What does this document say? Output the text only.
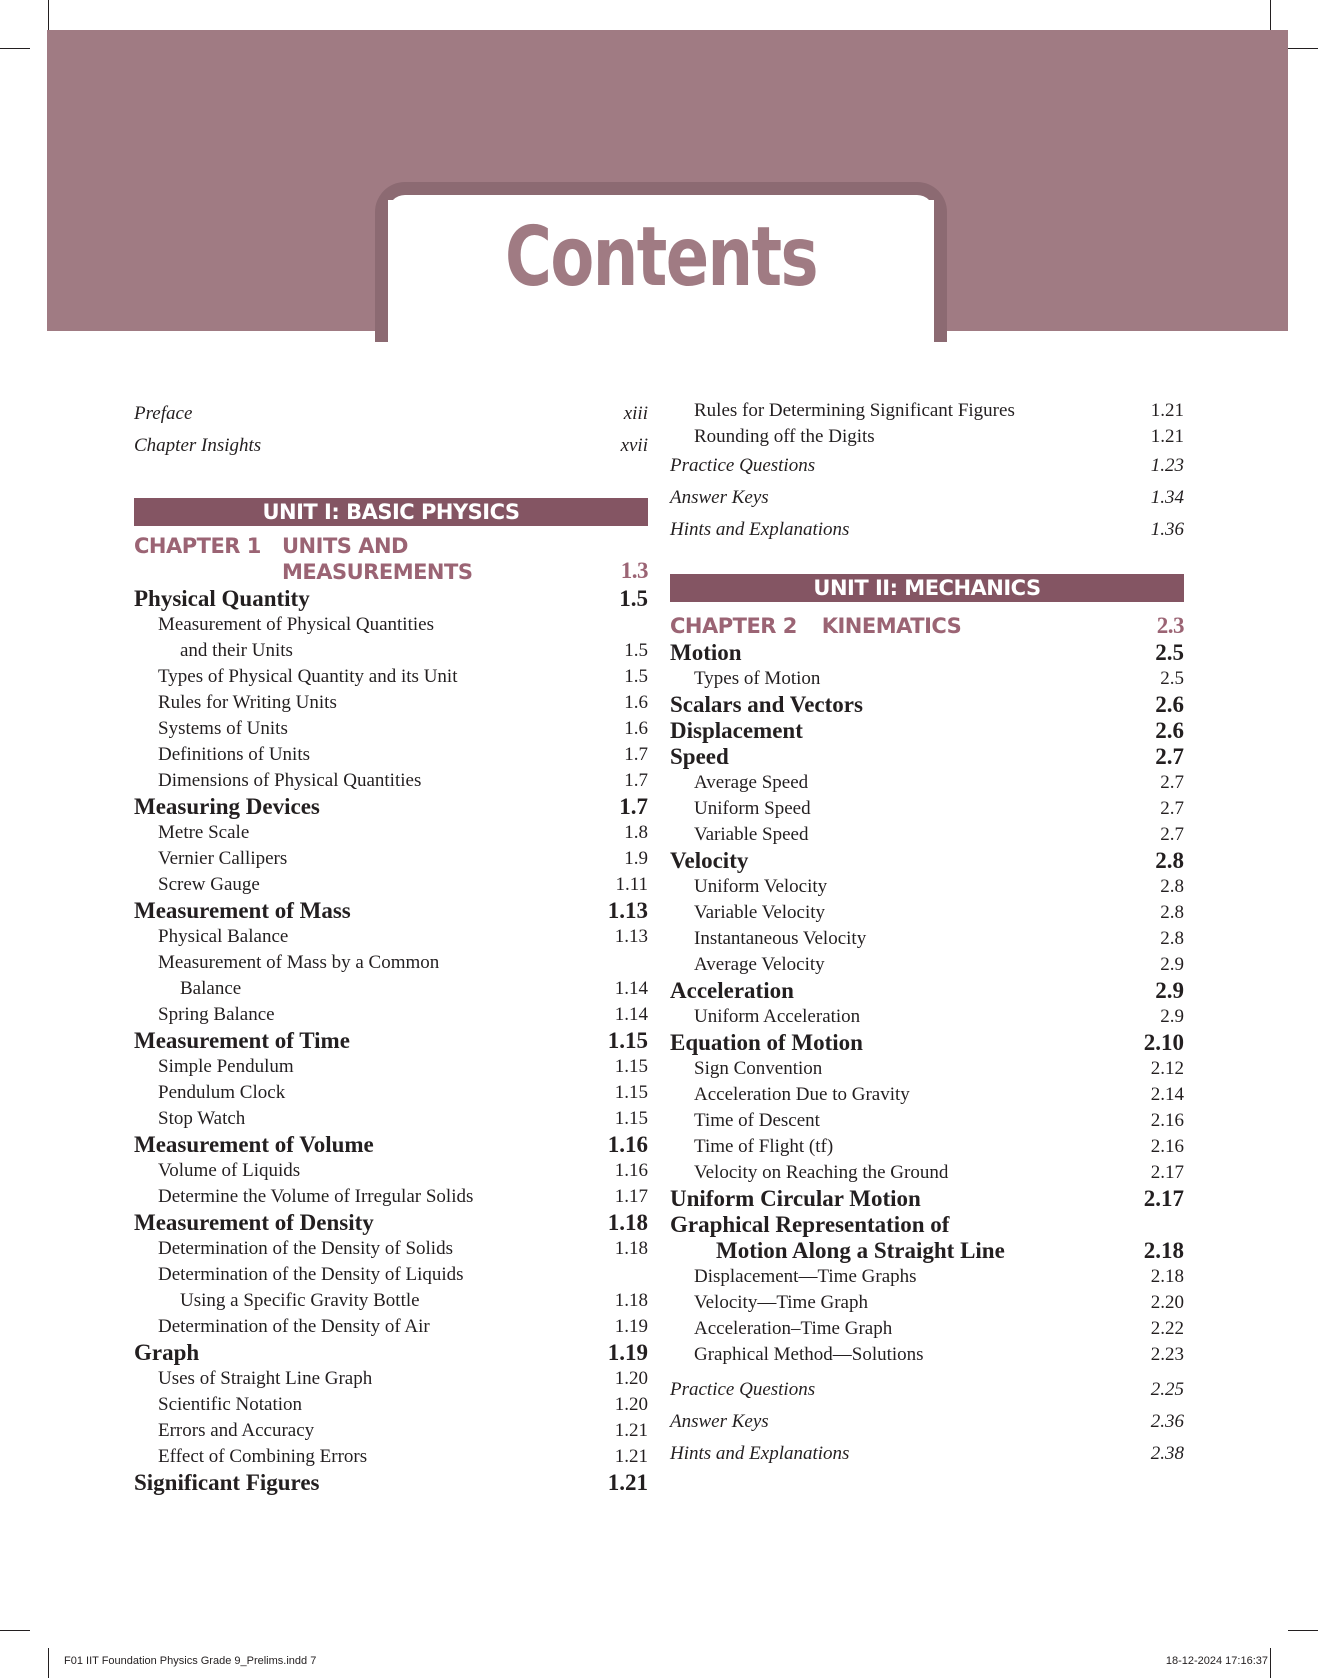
Contents
Preface	xiii
Chapter Insights	xvii
UNIT I: BASIC PHYSICS
CHAPTER 1 UNITS AND
MEASUREMENTS	1.3
Physical Quantity	1.5
Measurement of Physical Quantities
and their Units	1.5
Types of Physical Quantity and its Unit	1.5
Rules for Writing Units	1.6
Systems of Units	1.6
Definitions of Units	1.7
Dimensions of Physical Quantities	1.7
Measuring Devices	1.7
Metre Scale	1.8
Vernier Callipers	1.9
Screw Gauge	1.11
Measurement of Mass	1.13
Physical Balance	1.13
Measurement of Mass by a Common
Balance	1.14
Spring Balance	1.14
Measurement of Time	1.15
Simple Pendulum	1.15
Pendulum Clock	1.15
Stop Watch	1.15
Measurement of Volume	1.16
Volume of Liquids	1.16
Determine the Volume of Irregular Solids	1.17
Measurement of Density	1.18
Determination of the Density of Solids	1.18
Determination of the Density of Liquids
Using a Specific Gravity Bottle	1.18
Determination of the Density of Air	1.19
Graph	1.19
Uses of Straight Line Graph	1.20
Scientific Notation	1.20
Errors and Accuracy	1.21
Effect of Combining Errors	1.21
Significant Figures	1.21
Rules for Determining Significant Figures	1.21
Rounding off the Digits	1.21
Practice Questions	1.23
Answer Keys	1.34
Hints and Explanations	1.36
UNIT II: MECHANICS
CHAPTER 2 KINEMATICS	2.3
Motion	2.5
Types of Motion	2.5
Scalars and Vectors	2.6
Displacement	2.6
Speed	2.7
Average Speed	2.7
Uniform Speed	2.7
Variable Speed	2.7
Velocity	2.8
Uniform Velocity	2.8
Variable Velocity	2.8
Instantaneous Velocity	2.8
Average Velocity	2.9
Acceleration	2.9
Uniform Acceleration	2.9
Equation of Motion	2.10
Sign Convention	2.12
Acceleration Due to Gravity	2.14
Time of Descent	2.16
Time of Flight (tf)	2.16
Velocity on Reaching the Ground	2.17
Uniform Circular Motion	2.17
Graphical Representation of
Motion Along a Straight Line	2.18
Displacement—Time Graphs	2.18
Velocity—Time Graph	2.20
Acceleration–Time Graph	2.22
Graphical Method—Solutions	2.23
Practice Questions	2.25
Answer Keys	2.36
Hints and Explanations	2.38
F01 IIT Foundation Physics Grade 9_Prelims.indd 7	18-12-2024 17:16:37
